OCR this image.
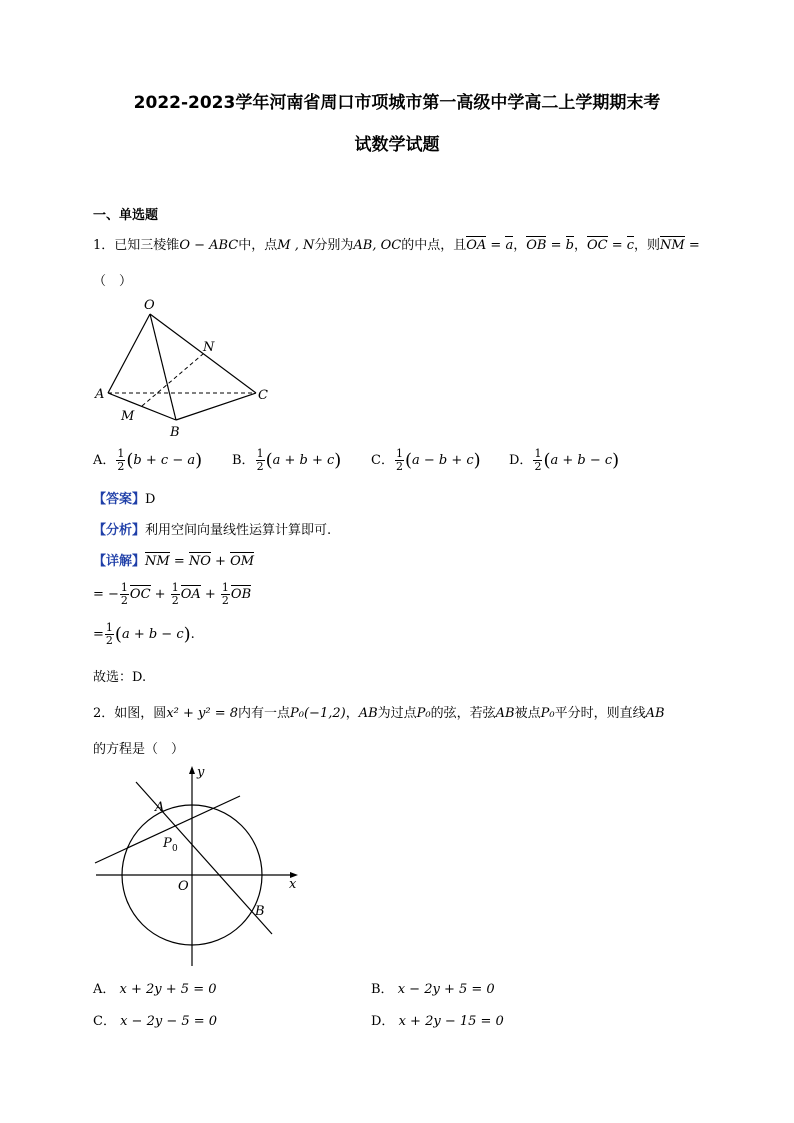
2022-2023学年河南省周口市项城市第一高级中学高二上学期期末考
试数学试题
一、单选题
1．已知三棱锥O − ABC中，点M , N分别为AB, OC的中点，且OA = a，OB = b，OC = c，则NM =
（　）
O
A
B
C
M
N
A． $\frac{1}{2} (b + c - a)$ B． $\frac{1}{2} (a + b + c)$ C． $\frac{1}{2} (a - b + c)$ D． $\frac{1}{2} (a + b - c)$
【答案】D
【分析】利用空间向量线性运算计算即可.
【详解】NM = NO + OM
= − $\frac{1}{2}$ OC + $\frac{1}{2}$ OA + $\frac{1}{2}$ OB
= $\frac{1}{2} (a + b - c)$.
故选：D.
2．如图，圆x² + y² = 8内有一点P₀(−1,2)，AB为过点P₀的弦，若弦AB被点P₀平分时，则直线AB
的方程是（　）
y
x
O
A
B
P 0
A． x + 2y + 5 = 0	B． x − 2y + 5 = 0
C． x − 2y − 5 = 0	D． x + 2y − 15 = 0
